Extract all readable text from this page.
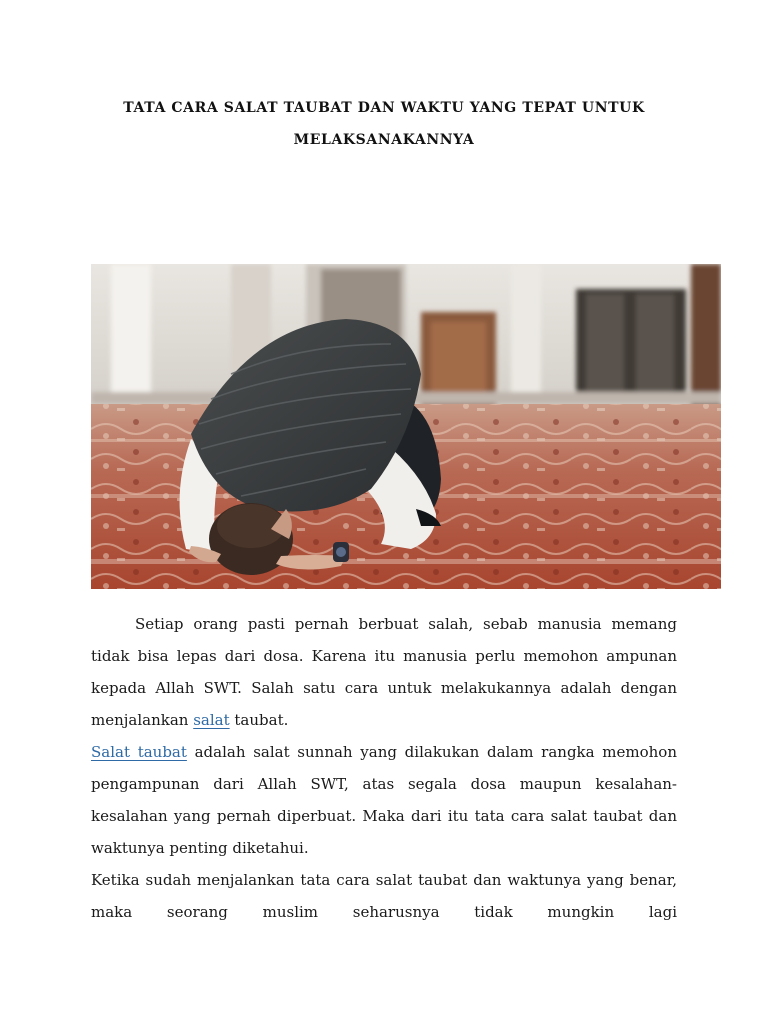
TATA CARA SALAT TAUBAT DAN WAKTU YANG TEPAT UNTUK
MELAKSANAKANNYA

Setiap orang pasti pernah berbuat salah, sebab manusia memang tidak bisa lepas dari dosa. Karena itu manusia perlu memohon ampunan kepada Allah SWT. Salah satu cara untuk melakukannya adalah dengan menjalankan salat taubat.

Salat taubat adalah salat sunnah yang dilakukan dalam rangka memohon pengampunan dari Allah SWT, atas segala dosa maupun kesalahan-kesalahan yang pernah diperbuat. Maka dari itu tata cara salat taubat dan waktunya penting diketahui.

Ketika sudah menjalankan tata cara salat taubat dan waktunya yang benar, maka seorang muslim seharusnya tidak mungkin lagi
